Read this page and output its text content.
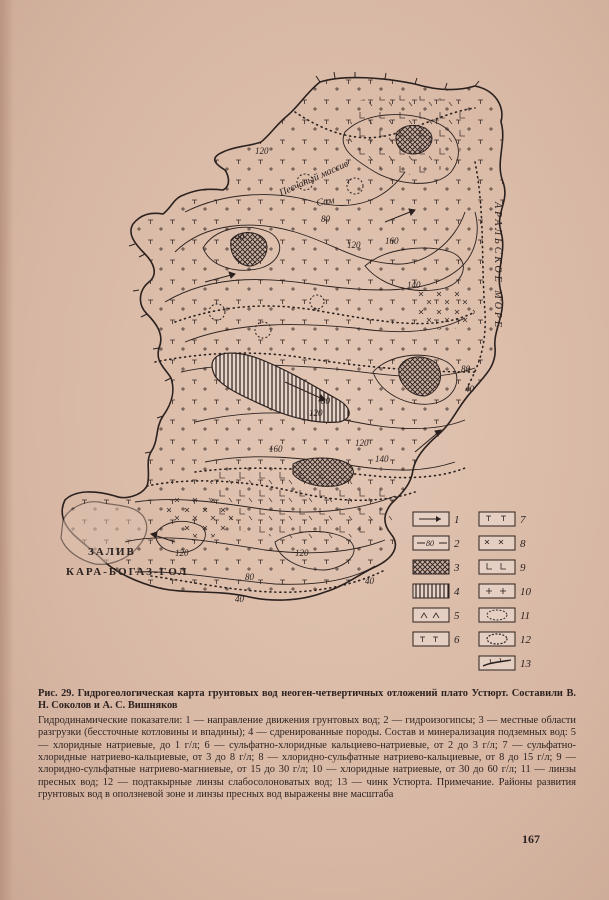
40
80
120	160
140
120
80
40
120
80
120
160
140
120
80
40
120
40
Песчаный массив
Сам
1
80 2
3
4
5
6
7
8
9
10
11
12
13
ЗАЛИВ
КАРА-БОГАЗ-ГОЛ
АРАЛЬСКОЕ МОРЕ
Рис. 29. Гидрогеологическая карта грунтовых вод неоген-четвертичных отложений плато Устюрт. Составили В. Н. Соколов и А. С. Вишняков
Гидродинамические показатели: 1 — направление движения грунтовых вод; 2 — гидроизогипсы; 3 — местные области разгрузки (бессточные котловины и впадины); 4 — сдренированные породы. Состав и минерализация подземных вод: 5 — хлоридные натриевые, до 1 г/л; 6 — сульфатно-хлоридные кальциево-натриевые, от 2 до 3 г/л; 7 — сульфатно-хлоридные натриево-кальциевые, от 3 до 8 г/л; 8 — хлоридно-сульфатные натриево-кальциевые, от 8 до 15 г/л; 9 — хлоридно-сульфатные натриево-магниевые, от 15 до 30 г/л; 10 — хлоридные натриевые, от 30 до 60 г/л; 11 — линзы пресных вод; 12 — подтакырные линзы слабосолоноватых вод; 13 — чинк Устюрта. Примечание. Районы развития грунтовых вод в оползневой зоне и линзы пресных вод выражены вне масштаба
167
